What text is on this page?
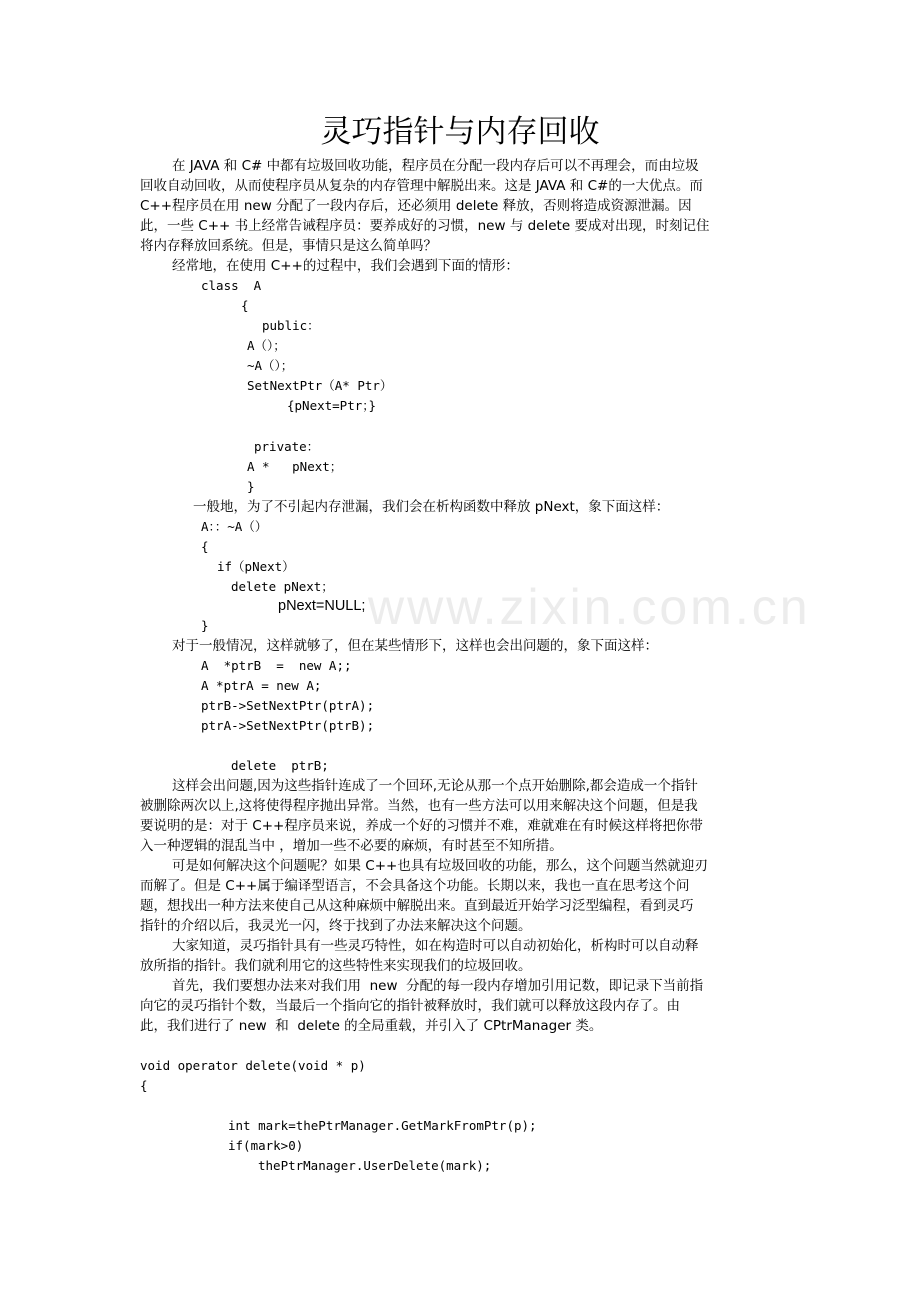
www.zixin.com.cn
灵巧指针与内存回收
在 JAVA 和 C# 中都有垃圾回收功能，程序员在分配一段内存后可以不再理会，而由垃圾
回收自动回收，从而使程序员从复杂的内存管理中解脱出来。这是 JAVA 和 C#的一大优点。而
C++程序员在用 new 分配了一段内存后，还必须用 delete 释放，否则将造成资源泄漏。因
此，一些 C++ 书上经常告诫程序员：要养成好的习惯，new 与 delete 要成对出现，时刻记住
将内存释放回系统。但是，事情只是这么简单吗？
经常地，在使用 C++的过程中，我们会遇到下面的情形：
class  A
{
public：
A（）；
~A（）；
SetNextPtr（A* Ptr）
{pNext=Ptr；}
private：
A *   pNext；
}
一般地，为了不引起内存泄漏，我们会在析构函数中释放 pNext，象下面这样：
A：：~A（）
{
if（pNext）
delete pNext；
pNext=NULL;
}
对于一般情况，这样就够了，但在某些情形下，这样也会出问题的，象下面这样：
A  *ptrB  =  new A;;
A *ptrA = new A;
ptrB->SetNextPtr(ptrA);
ptrA->SetNextPtr(ptrB);
delete  ptrB;
这样会出问题,因为这些指针连成了一个回环,无论从那一个点开始删除,都会造成一个指针
被删除两次以上,这将使得程序抛出异常。当然，也有一些方法可以用来解决这个问题，但是我
要说明的是：对于 C++程序员来说，养成一个好的习惯并不难，难就难在有时候这样将把你带
入一种逻辑的混乱当中 ，增加一些不必要的麻烦，有时甚至不知所措。
可是如何解决这个问题呢？如果 C++也具有垃圾回收的功能，那么，这个问题当然就迎刃
而解了。但是 C++属于编译型语言，不会具备这个功能。长期以来，我也一直在思考这个问
题，想找出一种方法来使自己从这种麻烦中解脱出来。直到最近开始学习泛型编程，看到灵巧
指针的介绍以后，我灵光一闪，终于找到了办法来解决这个问题。
大家知道，灵巧指针具有一些灵巧特性，如在构造时可以自动初始化，析构时可以自动释
放所指的指针。我们就利用它的这些特性来实现我们的垃圾回收。
首先，我们要想办法来对我们用  new  分配的每一段内存增加引用记数，即记录下当前指
向它的灵巧指针个数，当最后一个指向它的指针被释放时，我们就可以释放这段内存了。由
此，我们进行了 new  和  delete 的全局重载，并引入了 CPtrManager 类。
void operator delete(void * p)
{
int mark=thePtrManager.GetMarkFromPtr(p);
if(mark>0)
thePtrManager.UserDelete(mark);
